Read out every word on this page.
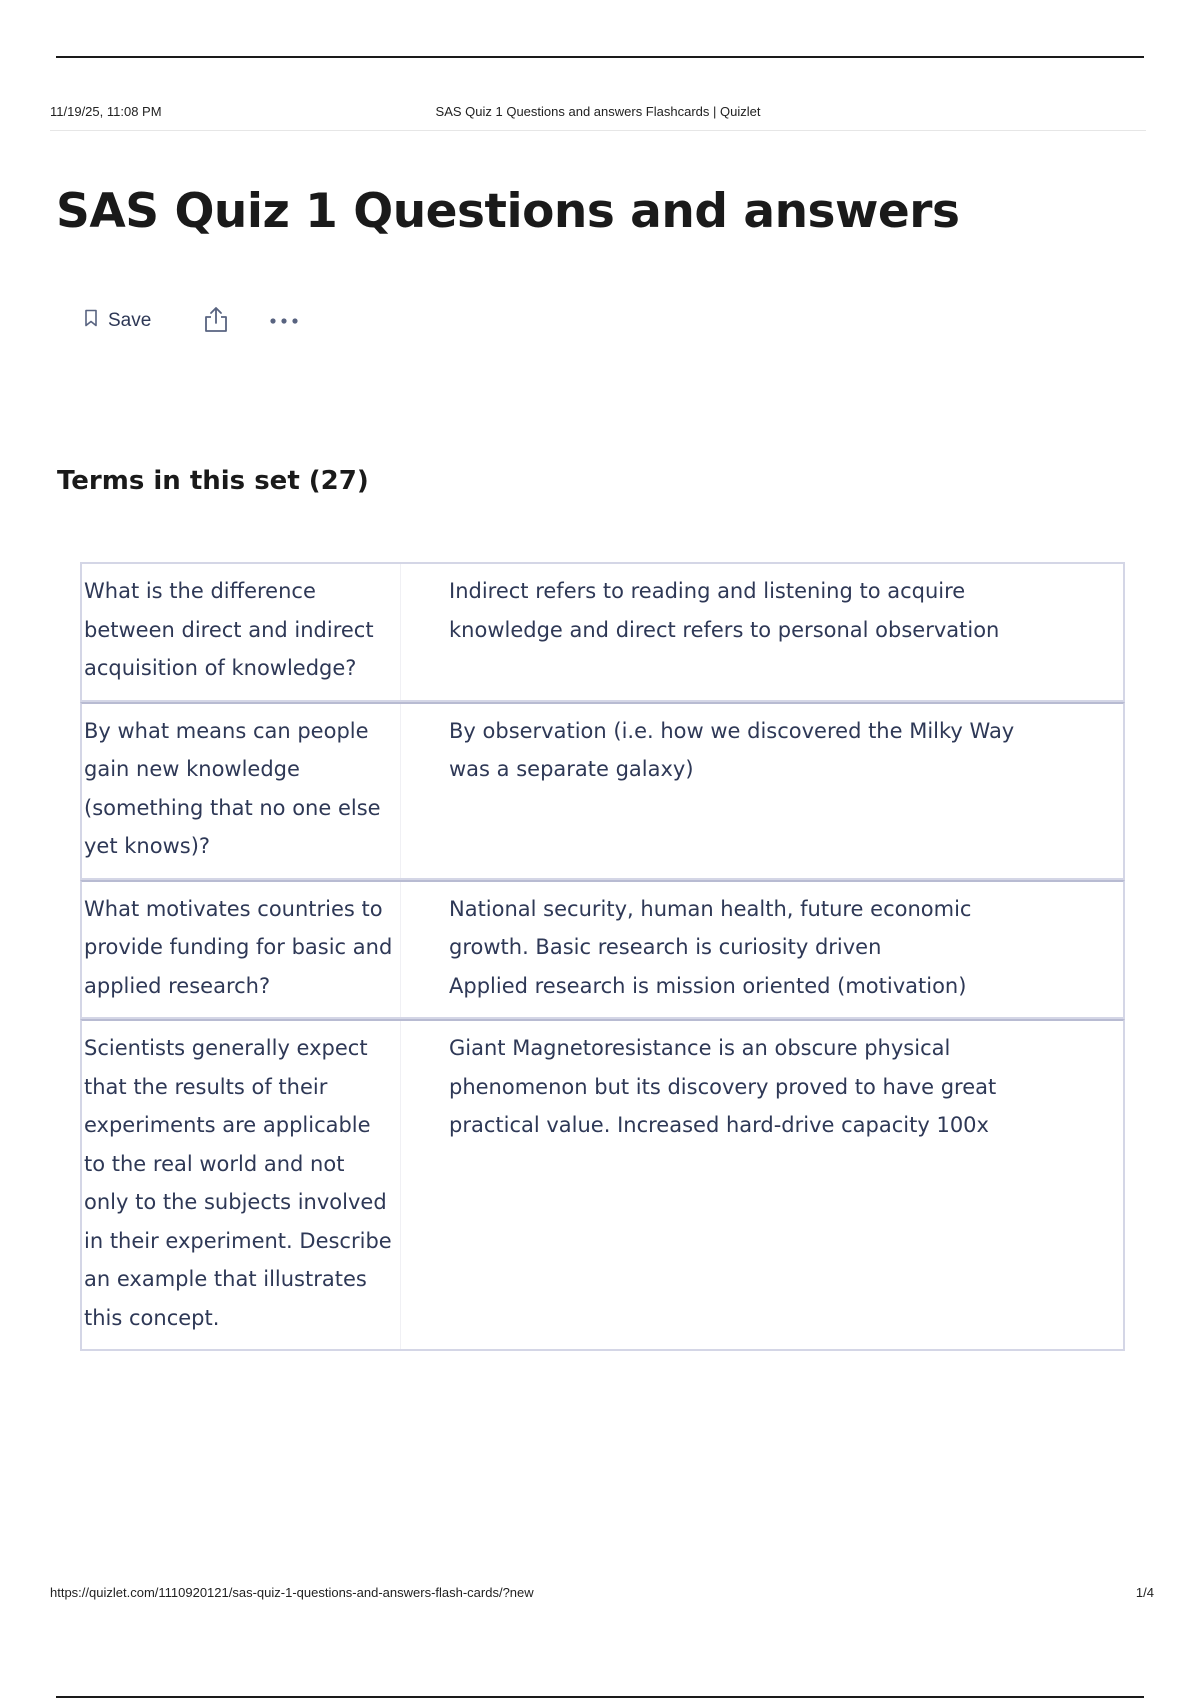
11/19/25, 11:08 PM	SAS Quiz 1 Questions and answers Flashcards | Quizlet
SAS Quiz 1 Questions and answers
Save
Terms in this set (27)
What is the difference between direct and indirect acquisition of knowledge?
Indirect refers to reading and listening to acquire knowledge and direct refers to personal observation
By what means can people gain new knowledge (something that no one else yet knows)?
By observation (i.e. how we discovered the Milky Way was a separate galaxy)
What motivates countries to provide funding for basic and applied research?
National security, human health, future economic growth. Basic research is curiosity driven
Applied research is mission oriented (motivation)
Scientists generally expect that the results of their experiments are applicable to the real world and not only to the subjects involved in their experiment. Describe an example that illustrates this concept.
Giant Magnetoresistance is an obscure physical phenomenon but its discovery proved to have great practical value. Increased hard-drive capacity 100x
https://quizlet.com/1110920121/sas-quiz-1-questions-and-answers-flash-cards/?new	1/4
